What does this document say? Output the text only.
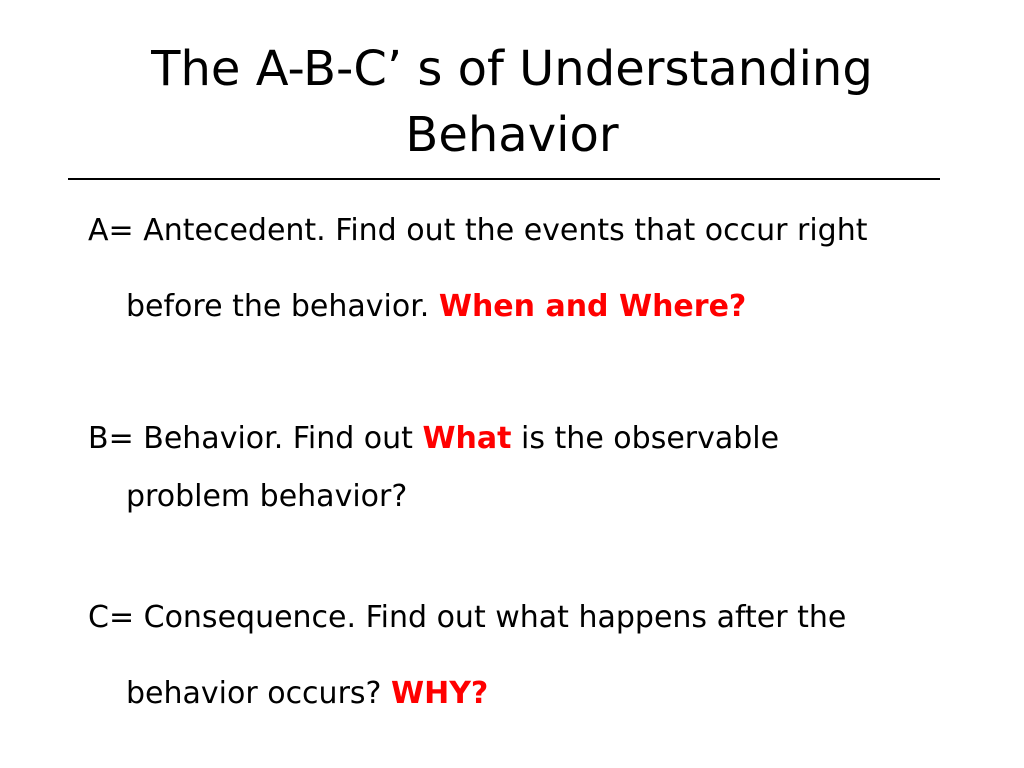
The A-B-C’ s of Understanding
Behavior
A= Antecedent. Find out the events that occur right
before the behavior. When and Where?
B= Behavior. Find out What is the observable
problem behavior?
C= Consequence. Find out what happens after the
behavior occurs? WHY?
